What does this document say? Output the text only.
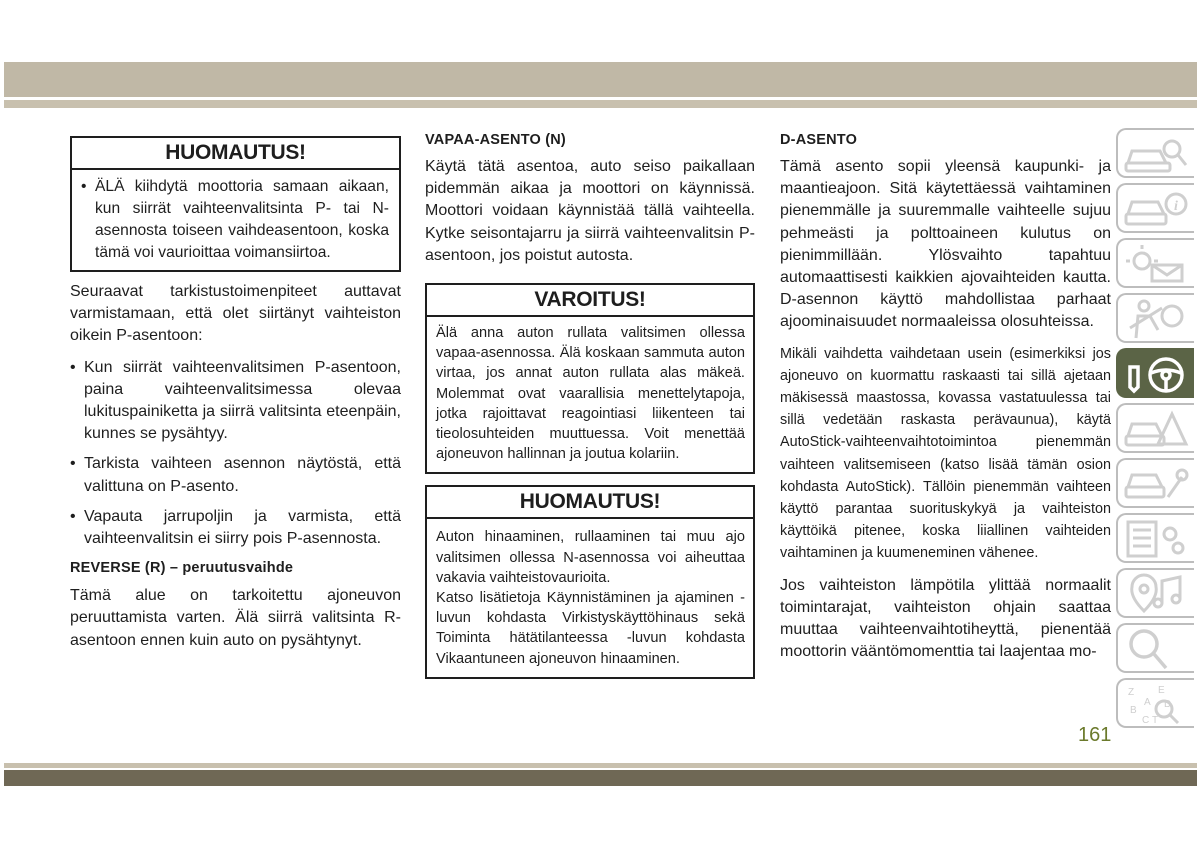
HUOMAUTUS!
• ÄLÄ kiihdytä moottoria samaan aikaan, kun siirrät vaihteenvalitsinta P- tai N-asennosta toiseen vaihdeasentoon, koska tämä voi vaurioittaa voimansiirtoa.

Seuraavat tarkistustoimenpiteet auttavat varmistamaan, että olet siirtänyt vaihteiston oikein P-asentoon:

• Kun siirrät vaihteenvalitsimen P-asentoon, paina vaihteenvalitsimessa olevaa lukituspainiketta ja siirrä valitsinta eteenpäin, kunnes se pysähtyy.
• Tarkista vaihteen asennon näytöstä, että valittuna on P-asento.
• Vapauta jarrupoljin ja varmista, että vaihteenvalitsin ei siirry pois P-asennosta.
REVERSE (R) – peruutusvaihde

Tämä alue on tarkoitettu ajoneuvon peruuttamista varten. Älä siirrä valitsinta R-asentoon ennen kuin auto on pysähtynyt.

VAPAA-ASENTO (N)

Käytä tätä asentoa, auto seiso paikallaan pidemmän aikaa ja moottori on käynnissä. Moottori voidaan käynnistää tällä vaihteella. Kytke seisontajarru ja siirrä vaihteenvalitsin P-asentoon, jos poistut autosta.

VAROITUS!

Älä anna auton rullata valitsimen ollessa vapaa-asennossa. Älä koskaan sammuta auton virtaa, jos annat auton rullata alas mäkeä. Molemmat ovat vaarallisia menettelytapoja, jotka rajoittavat reagointiasi liikenteen tai tieolosuhteiden muuttuessa. Voit menettää ajoneuvon hallinnan ja joutua kolariin.

HUOMAUTUS!

Auton hinaaminen, rullaaminen tai muu ajo valitsimen ollessa N-asennossa voi aiheuttaa vakavia vaihteistovaurioita.

Katso lisätietoja Käynnistäminen ja ajaminen -luvun kohdasta Virkistyskäyttöhinaus sekä Toiminta hätätilanteessa -luvun kohdasta Vikaantuneen ajoneuvon hinaaminen.

D-ASENTO

Tämä asento sopii yleensä kaupunki- ja maantieajoon. Sitä käytettäessä vaihtaminen pienemmälle ja suuremmalle vaihteelle sujuu pehmeästi ja polttoaineen kulutus on pienimmillään. Ylösvaihto tapahtuu automaattisesti kaikkien ajovaihteiden kautta. D-asennon käyttö mahdollistaa parhaat ajoominaisuudet normaaleissa olosuhteissa.

Mikäli vaihdetta vaihdetaan usein (esimerkiksi jos ajoneuvo on kuormattu raskaasti tai sillä ajetaan mäkisessä maastossa, kovassa vastatuulessa tai sillä vedetään raskasta perävaunua), käytä AutoStick-vaihteenvaihtotoimintoa pienemmän vaihteen valitsemiseen (katso lisää tämän osion kohdasta AutoStick). Tällöin pienemmän vaihteen käyttö parantaa suorituskykyä ja vaihteiston käyttöikä pitenee, koska liiallinen vaihteiden vaihtaminen ja kuumeneminen vähenee.

Jos vaihteiston lämpötila ylittää normaalit toimintarajat, vaihteiston ohjain saattaa muuttaa vaihteenvaihtotiheyttä, pienentää moottorin vääntömomenttia tai laajentaa mo-

i
Z E
A
B
D
C T
161
